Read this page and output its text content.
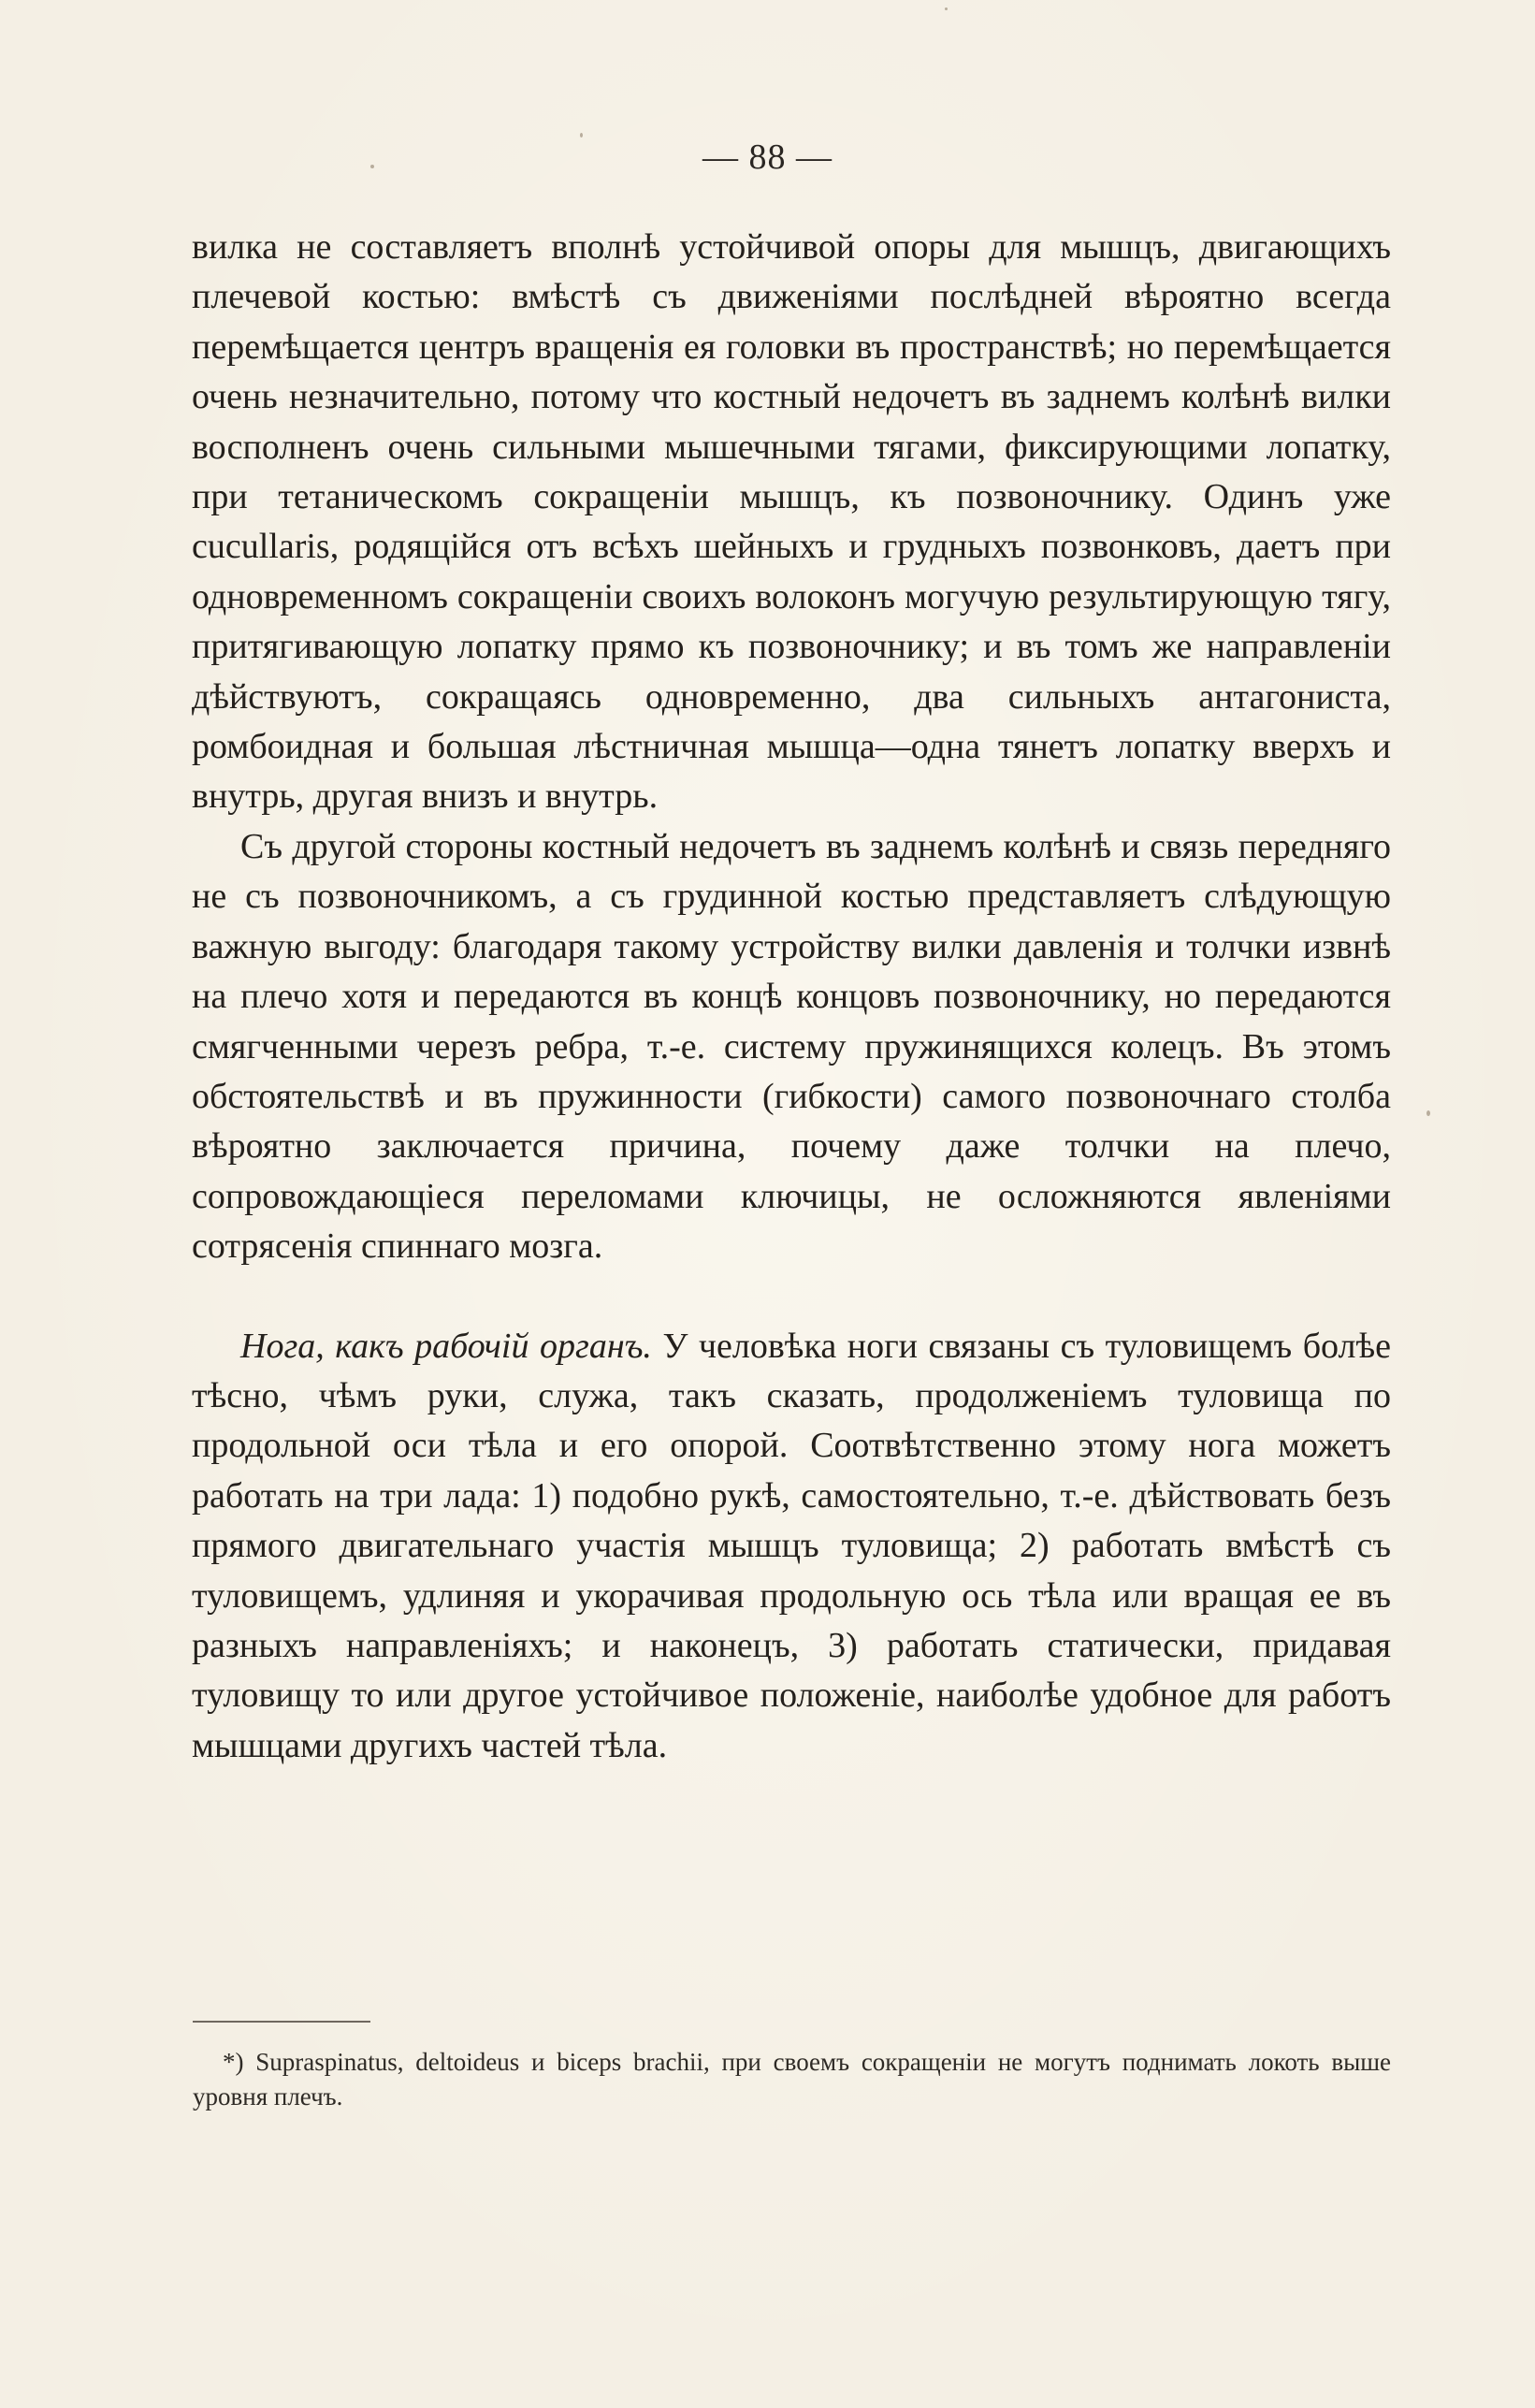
— 88 —

вилка не составляетъ вполнѣ устойчивой опоры для мышцъ, двигающихъ плечевой костью: вмѣстѣ съ движеніями послѣдней вѣроятно всегда перемѣщается центръ вращенія ея головки въ пространствѣ; но перемѣщается очень незначительно, потому что костный недочетъ въ заднемъ колѣнѣ вилки восполненъ очень сильными мышечными тягами, фиксирующими лопатку, при тетаническомъ сокращеніи мышцъ, къ позвоночнику. Одинъ уже cucullaris, родящійся отъ всѣхъ шейныхъ и грудныхъ позвонковъ, даетъ при одновременномъ сокращеніи своихъ волоконъ могучую результирующую тягу, притягивающую лопатку прямо къ позвоночнику; и въ томъ же направленіи дѣйствуютъ, сокращаясь одновременно, два сильныхъ антагониста, ромбоидная и большая лѣстничная мышца—одна тянетъ лопатку вверхъ и внутрь, другая внизъ и внутрь.

Съ другой стороны костный недочетъ въ заднемъ колѣнѣ и связь передняго не съ позвоночникомъ, а съ грудинной костью представляетъ слѣдующую важную выгоду: благодаря такому устройству вилки давленія и толчки извнѣ на плечо хотя и передаются въ концѣ концовъ позвоночнику, но передаются смягченными черезъ ребра, т.-е. систему пружинящихся колецъ. Въ этомъ обстоятельствѣ и въ пружинности (гибкости) самого позвоночнаго столба вѣроятно заключается причина, почему даже толчки на плечо, сопровождающіеся переломами ключицы, не осложняются явленіями сотрясенія спиннаго мозга.

Нога, какъ рабочій органъ. У человѣка ноги связаны съ туловищемъ болѣе тѣсно, чѣмъ руки, служа, такъ сказать, продолженіемъ туловища по продольной оси тѣла и его опорой. Соотвѣтственно этому нога можетъ работать на три лада: 1) подобно рукѣ, самостоятельно, т.-е. дѣйствовать безъ прямого двигательнаго участія мышцъ туловища; 2) работать вмѣстѣ съ туловищемъ, удлиняя и укорачивая продольную ось тѣла или вращая ее въ разныхъ направленіяхъ; и наконецъ, 3) работать статически, придавая туловищу то или другое устойчивое положеніе, наиболѣе удобное для работъ мышцами другихъ частей тѣла.

*) Supraspinatus, deltoideus и biceps brachii, при своемъ сокращеніи не могутъ поднимать локоть выше уровня плечъ.
